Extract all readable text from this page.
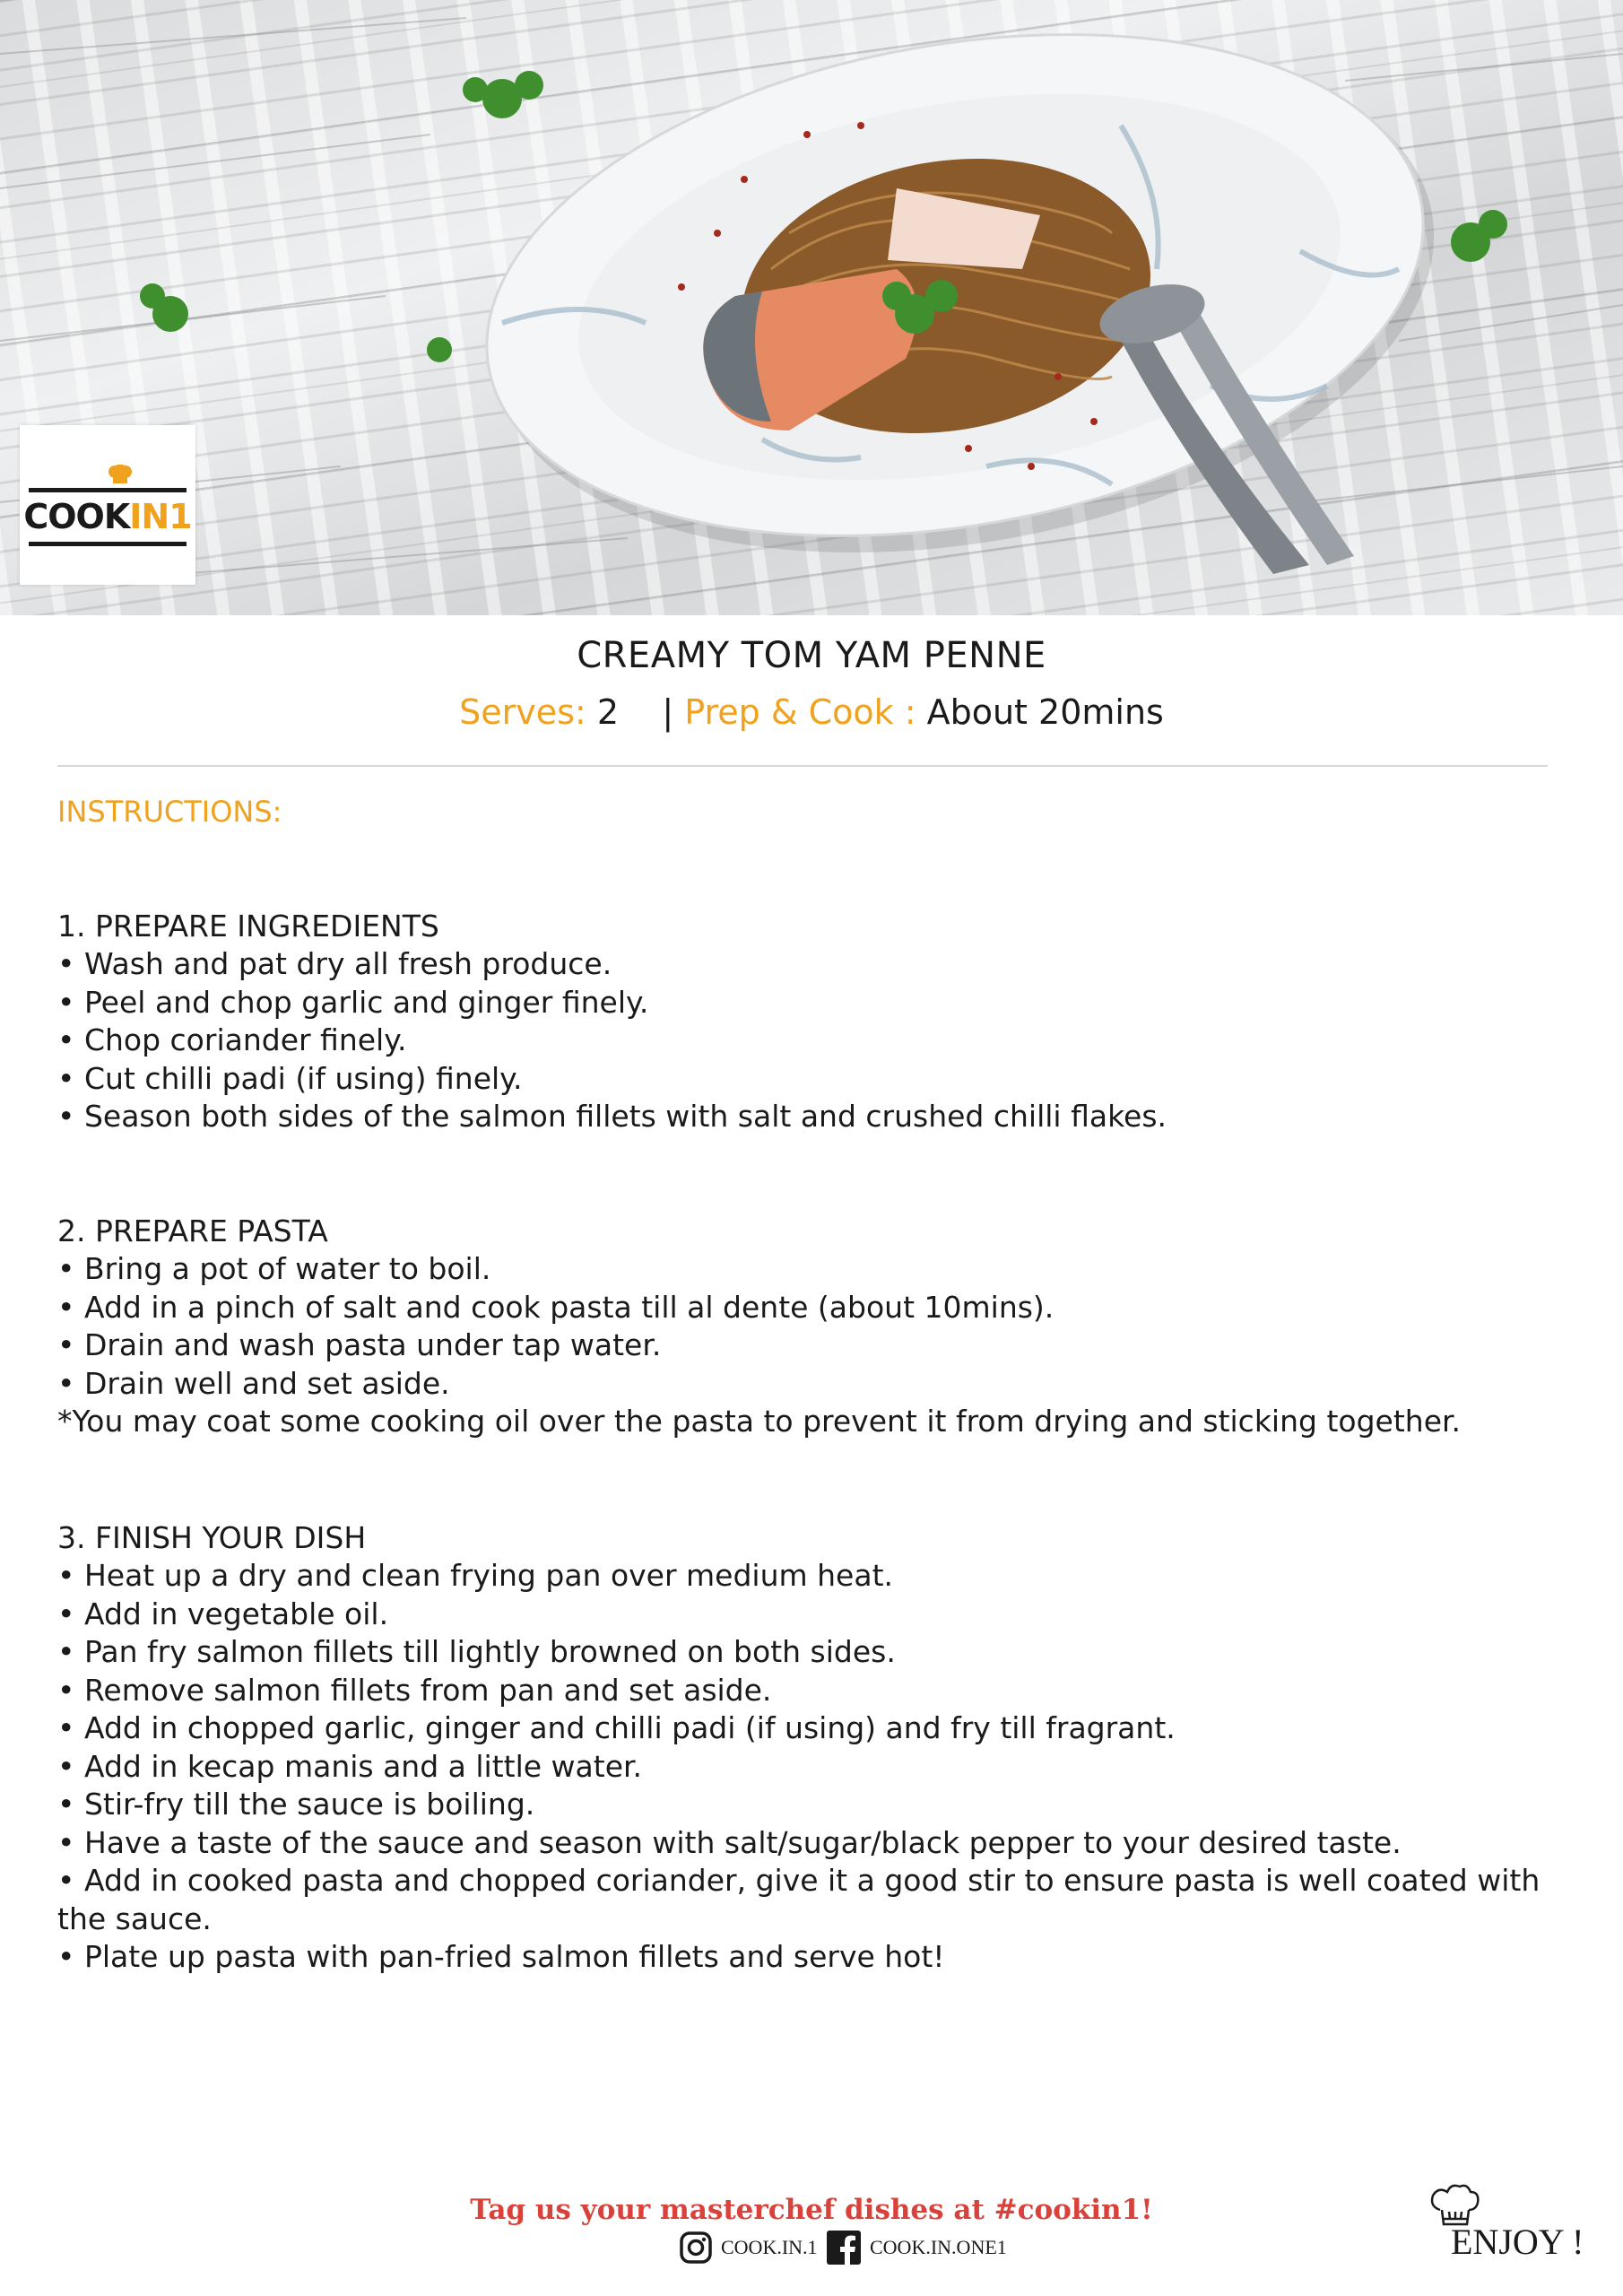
COOKIN1
CREAMY TOM YAM PENNE
Serves: 2 | Prep & Cook : About 20mins
INSTRUCTIONS:
1. PREPARE INGREDIENTS
• Wash and pat dry all fresh produce.
• Peel and chop garlic and ginger finely.
• Chop coriander finely.
• Cut chilli padi (if using) finely.
• Season both sides of the salmon fillets with salt and crushed chilli flakes.
2. PREPARE PASTA
• Bring a pot of water to boil.
• Add in a pinch of salt and cook pasta till al dente (about 10mins).
• Drain and wash pasta under tap water.
• Drain well and set aside.
*You may coat some cooking oil over the pasta to prevent it from drying and sticking together.
3. FINISH YOUR DISH
• Heat up a dry and clean frying pan over medium heat.
• Add in vegetable oil.
• Pan fry salmon fillets till lightly browned on both sides.
• Remove salmon fillets from pan and set aside.
• Add in chopped garlic, ginger and chilli padi (if using) and fry till fragrant.
• Add in kecap manis and a little water.
• Stir-fry till the sauce is boiling.
• Have a taste of the sauce and season with salt/sugar/black pepper to your desired taste.
• Add in cooked pasta and chopped coriander, give it a good stir to ensure pasta is well coated with the sauce.
• Plate up pasta with pan-fried salmon fillets and serve hot!
Tag us your masterchef dishes at #cookin1!
COOK.IN.1	COOK.IN.ONE1	ENJOY !
